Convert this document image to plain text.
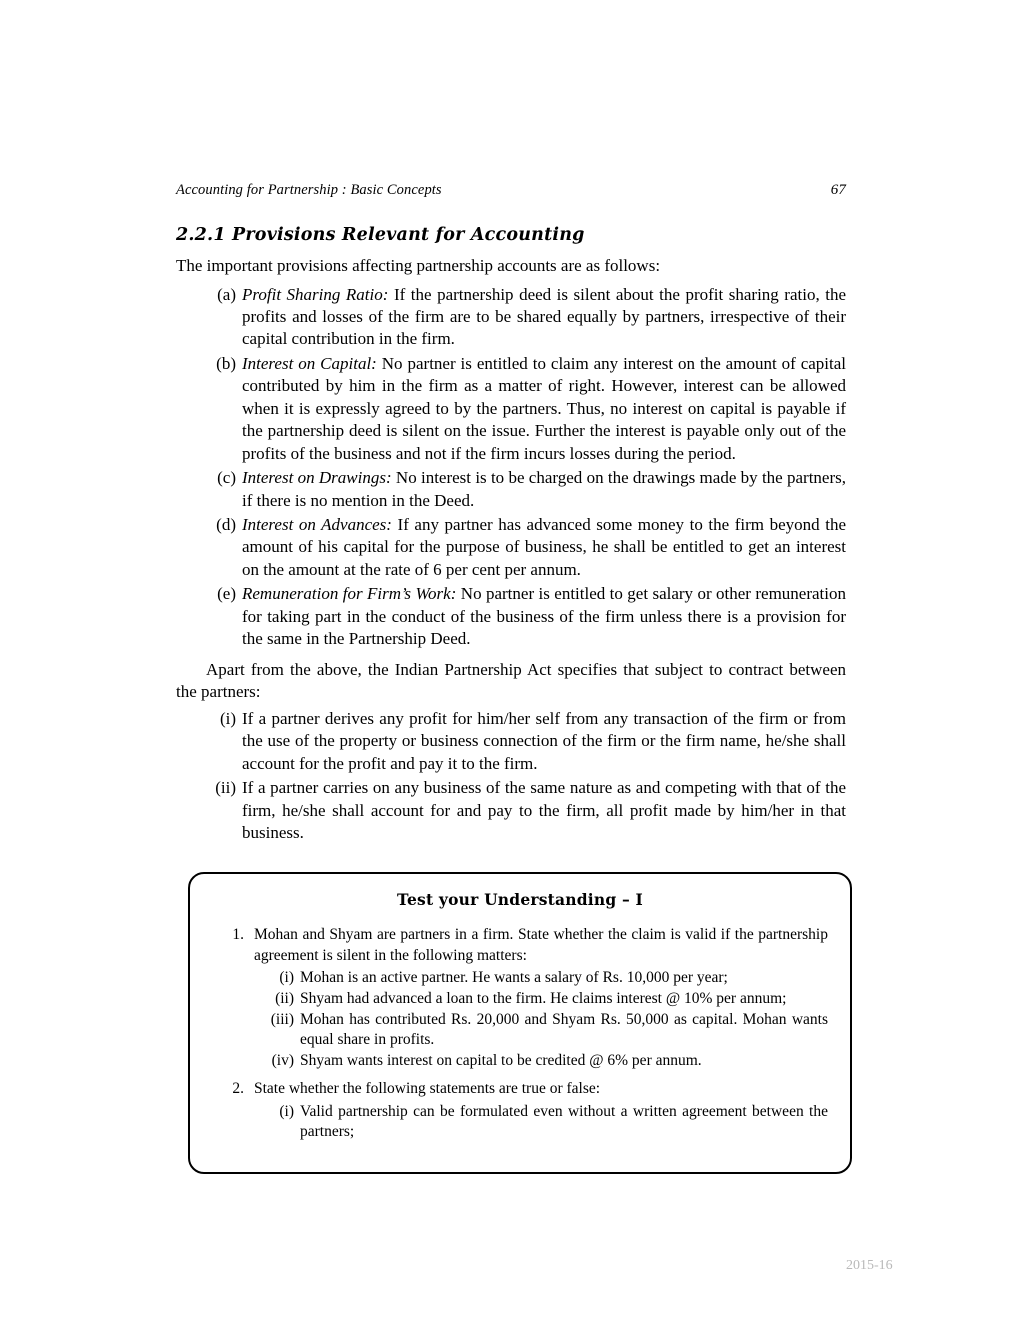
Accounting for Partnership : Basic Concepts	67
2.2.1 Provisions Relevant for Accounting

The important provisions affecting partnership accounts are as follows:

(a) Profit Sharing Ratio: If the partnership deed is silent about the profit sharing ratio, the profits and losses of the firm are to be shared equally by partners, irrespective of their capital contribution in the firm.
(b) Interest on Capital: No partner is entitled to claim any interest on the amount of capital contributed by him in the firm as a matter of right. However, interest can be allowed when it is expressly agreed to by the partners. Thus, no interest on capital is payable if the partnership deed is silent on the issue. Further the interest is payable only out of the profits of the business and not if the firm incurs losses during the period.
(c) Interest on Drawings: No interest is to be charged on the drawings made by the partners, if there is no mention in the Deed.
(d) Interest on Advances: If any partner has advanced some money to the firm beyond the amount of his capital for the purpose of business, he shall be entitled to get an interest on the amount at the rate of 6 per cent per annum.
(e) Remuneration for Firm’s Work: No partner is entitled to get salary or other remuneration for taking part in the conduct of the business of the firm unless there is a provision for the same in the Partnership Deed.

Apart from the above, the Indian Partnership Act specifies that subject to contract between the partners:

(i) If a partner derives any profit for him/her self from any transaction of the firm or from the use of the property or business connection of the firm or the firm name, he/she shall account for the profit and pay it to the firm.
(ii) If a partner carries on any business of the same nature as and competing with that of the firm, he/she shall account for and pay to the firm, all profit made by him/her in that business.
Test your Understanding – I
1. Mohan and Shyam are partners in a firm. State whether the claim is valid if the partnership agreement is silent in the following matters:
(i) Mohan is an active partner. He wants a salary of Rs. 10,000 per year;
(ii) Shyam had advanced a loan to the firm. He claims interest @ 10% per annum;
(iii) Mohan has contributed Rs. 20,000 and Shyam Rs. 50,000 as capital. Mohan wants equal share in profits.
(iv) Shyam wants interest on capital to be credited @ 6% per annum.
2. State whether the following statements are true or false:
(i) Valid partnership can be formulated even without a written agreement between the partners;
2015-16
